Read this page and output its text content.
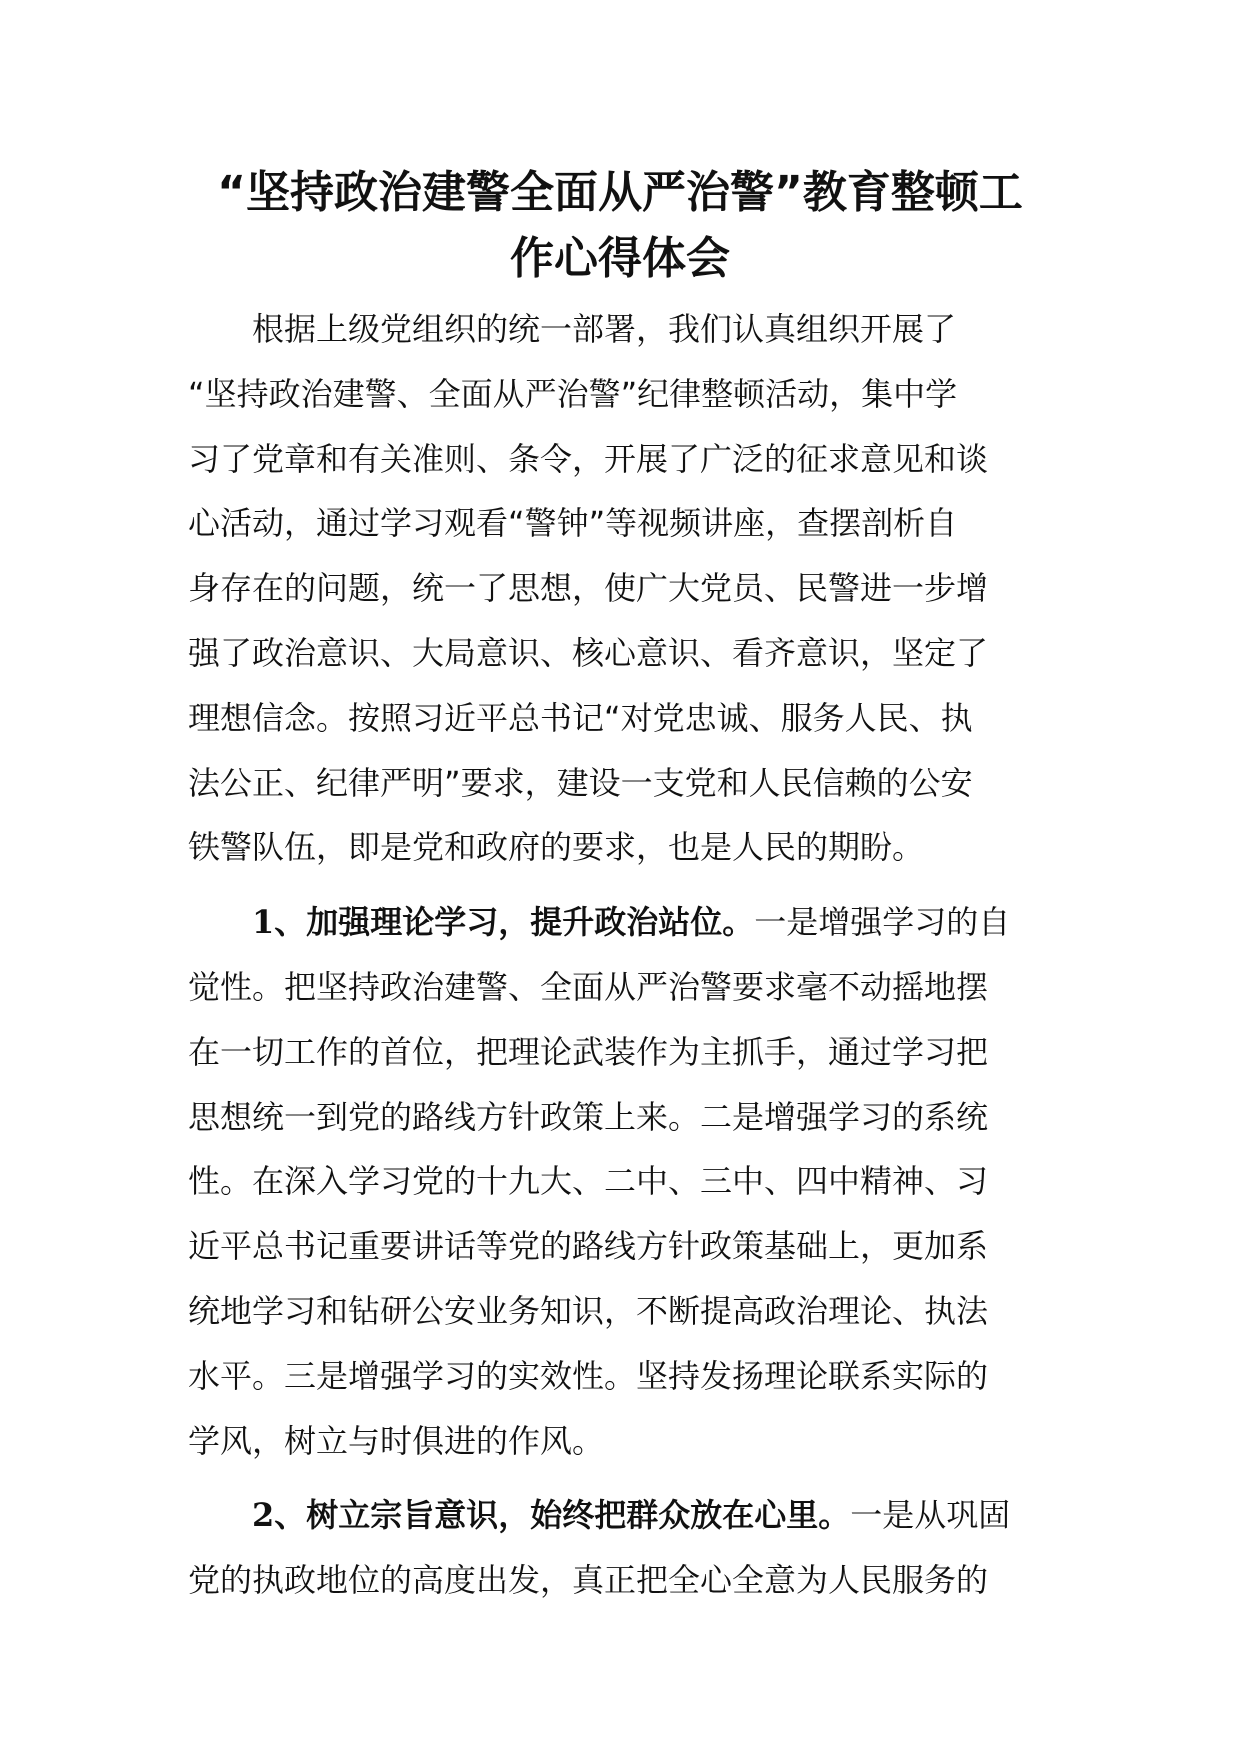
“坚持政治建警全面从严治警”教育整顿工
作心得体会
根据上级党组织的统一部署，我们认真组织开展了
“坚持政治建警、全面从严治警”纪律整顿活动，集中学
习了党章和有关准则、条令，开展了广泛的征求意见和谈
心活动，通过学习观看“警钟”等视频讲座，查摆剖析自
身存在的问题，统一了思想，使广大党员、民警进一步增
强了政治意识、大局意识、核心意识、看齐意识，坚定了
理想信念。按照习近平总书记“对党忠诚、服务人民、执
法公正、纪律严明”要求，建设一支党和人民信赖的公安
铁警队伍，即是党和政府的要求，也是人民的期盼。
1、加强理论学习，提升政治站位。一是增强学习的自
觉性。把坚持政治建警、全面从严治警要求毫不动摇地摆
在一切工作的首位，把理论武装作为主抓手，通过学习把
思想统一到党的路线方针政策上来。二是增强学习的系统
性。在深入学习党的十九大、二中、三中、四中精神、习
近平总书记重要讲话等党的路线方针政策基础上，更加系
统地学习和钻研公安业务知识，不断提高政治理论、执法
水平。三是增强学习的实效性。坚持发扬理论联系实际的
学风，树立与时俱进的作风。
2、树立宗旨意识，始终把群众放在心里。一是从巩固
党的执政地位的高度出发，真正把全心全意为人民服务的
